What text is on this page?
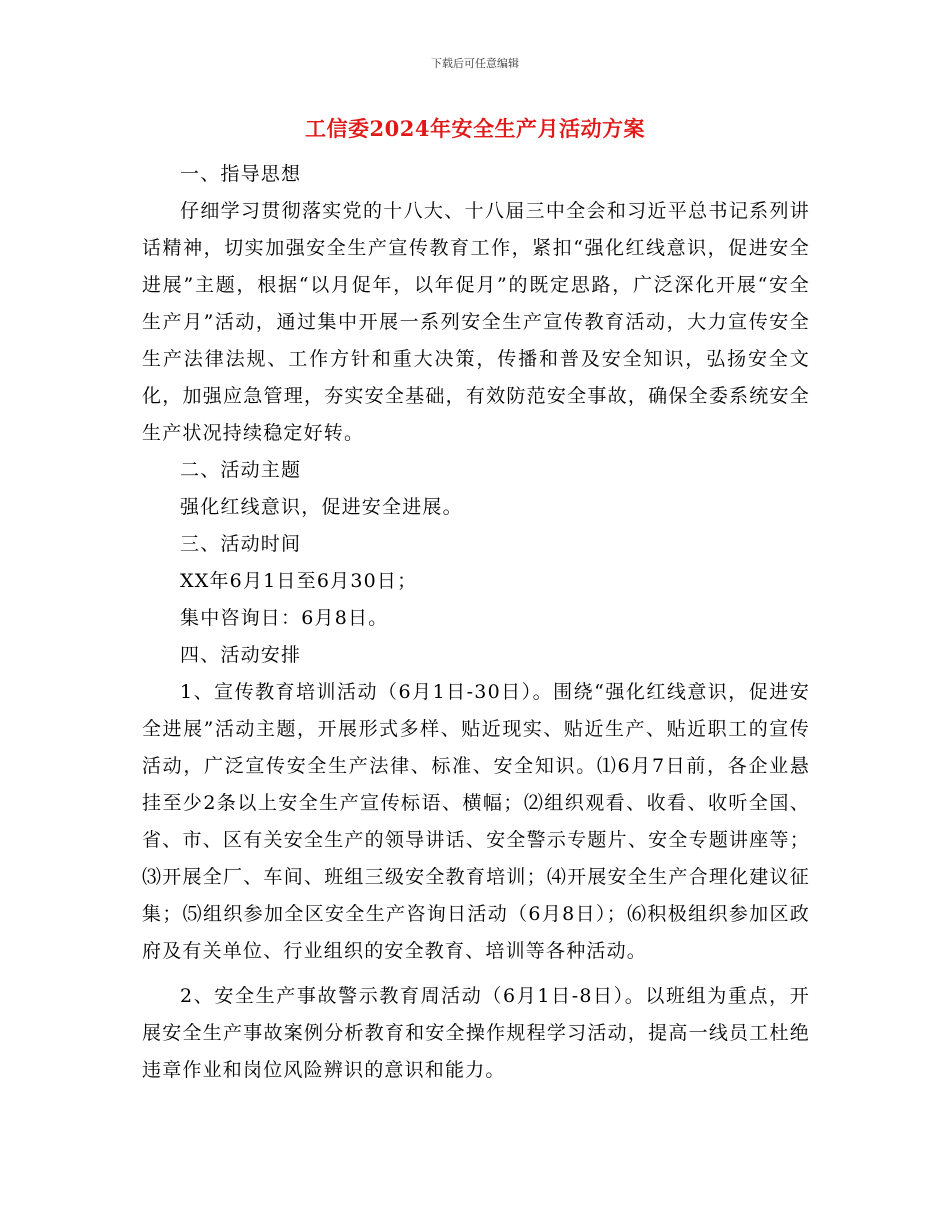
下载后可任意编辑
工信委2024年安全生产月活动方案

一、指导思想

仔细学习贯彻落实党的十八大、十八届三中全会和习近平总书记系列讲话精神，切实加强安全生产宣传教育工作，紧扣“强化红线意识，促进安全进展”主题，根据“以月促年，以年促月”的既定思路，广泛深化开展“安全生产月”活动，通过集中开展一系列安全生产宣传教育活动，大力宣传安全生产法律法规、工作方针和重大决策，传播和普及安全知识，弘扬安全文化，加强应急管理，夯实安全基础，有效防范安全事故，确保全委系统安全生产状况持续稳定好转。

二、活动主题

强化红线意识，促进安全进展。

三、活动时间

XX年6月1日至6月30日；

集中咨询日：6月8日。

四、活动安排

1、宣传教育培训活动（6月1日-30日）。围绕“强化红线意识，促进安全进展”活动主题，开展形式多样、贴近现实、贴近生产、贴近职工的宣传活动，广泛宣传安全生产法律、标准、安全知识。⑴6月7日前，各企业悬挂至少2条以上安全生产宣传标语、横幅；⑵组织观看、收看、收听全国、省、市、区有关安全生产的领导讲话、安全警示专题片、安全专题讲座等；⑶开展全厂、车间、班组三级安全教育培训；⑷开展安全生产合理化建议征集；⑸组织参加全区安全生产咨询日活动（6月8日）；⑹积极组织参加区政府及有关单位、行业组织的安全教育、培训等各种活动。

2、安全生产事故警示教育周活动（6月1日-8日）。以班组为重点，开展安全生产事故案例分析教育和安全操作规程学习活动，提高一线员工杜绝违章作业和岗位风险辨识的意识和能力。
